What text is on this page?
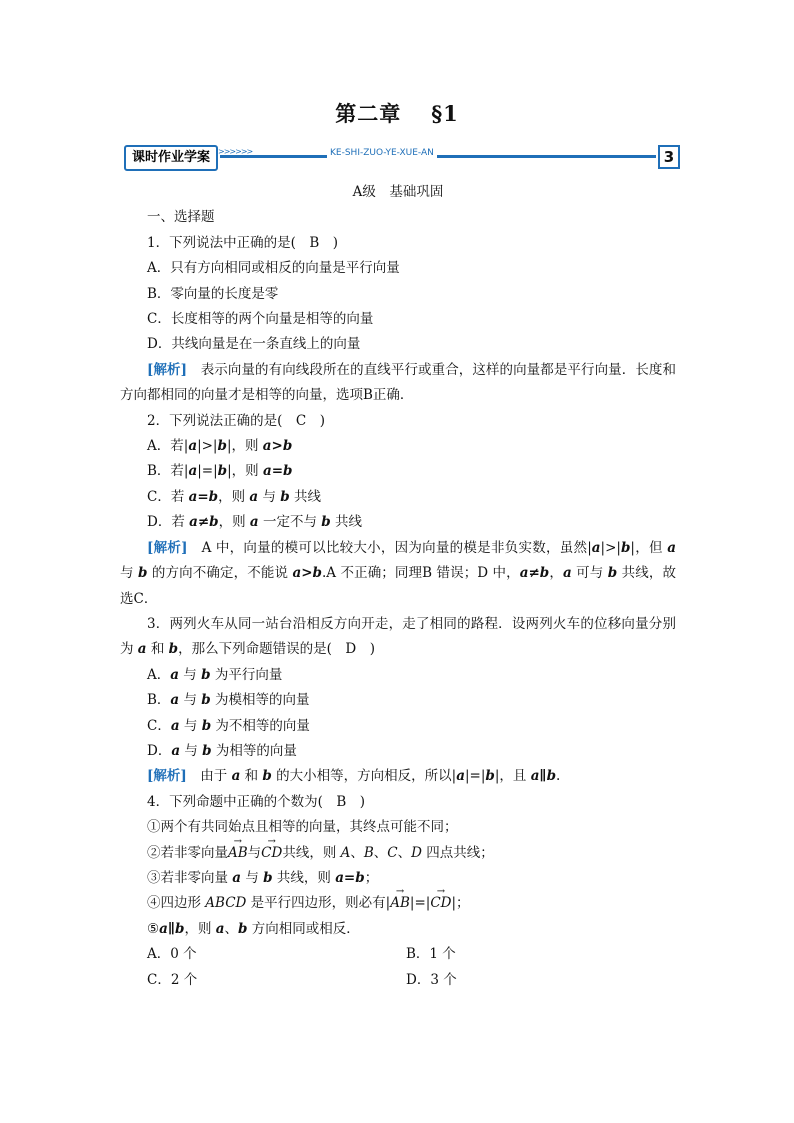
第二章 §1
>>>>>>
课时作业学案	KE-SHI-ZUO-YE-XUE-AN	3

A级　基础巩固

一、选择题

1．下列说法中正确的是(　 B　)

A．只有方向相同或相反的向量是平行向量

B．零向量的长度是零

C．长度相等的两个向量是相等的向量

D．共线向量是在一条直线上的向量

[解析]　 表示向量的有向线段所在的直线平行或重合，这样的向量都是平行向量．长度和方向都相同的向量才是相等的向量，选项B正确．

2．下列说法正确的是(　 C　)

A．若|a|>|b|，则 a>b

B．若|a|=|b|，则 a=b

C．若 a=b，则 a 与 b 共线

D．若 a≠b，则 a 一定不与 b 共线

[解析]　 A 中，向量的模可以比较大小，因为向量的模是非负实数，虽然|a|>|b|，但 a 与 b 的方向不确定，不能说 a>b.A 不正确；同理B 错误；D 中，a≠b，a 可与 b 共线，故选C．

3．两列火车从同一站台沿相反方向开走，走了相同的路程．设两列火车的位移向量分别为 a 和 b，那么下列命题错误的是(　 D　 )

A．a 与 b 为平行向量

B．a 与 b 为模相等的向量

C．a 与 b 为不相等的向量

D．a 与 b 为相等的向量

[解析]　 由于 a 和 b 的大小相等，方向相反，所以|a|=|b|，且 a∥b.

4．下列命题中正确的个数为(　 B　)

①两个有共同始点且相等的向量，其终点可能不同；

②若非零向量→ AB与→ CD共线，则 A、B、C、D 四点共线；

③若非零向量 a 与 b 共线，则 a=b；

④四边形 ABCD 是平行四边形，则必有|→ AB|=|→ CD|；

⑤a∥b，则 a、b 方向相同或相反．

A．0 个	B．1 个
C．2 个	D．3 个
